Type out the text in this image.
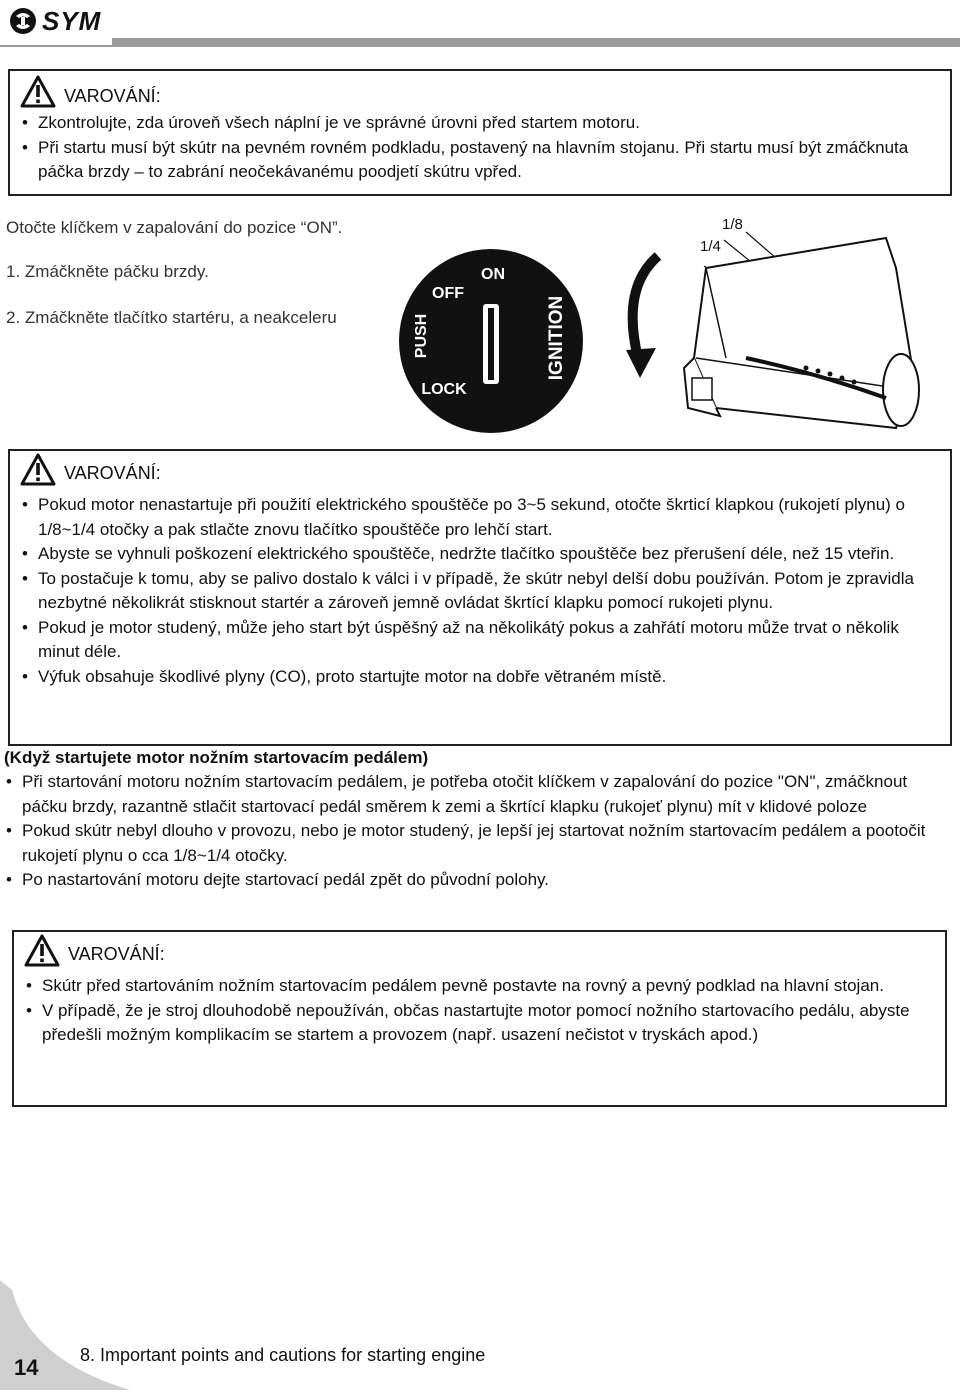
SYM
VAROVÁNÍ:
• Zkontrolujte, zda úroveň všech náplní je ve správné úrovni před startem motoru.
• Při startu musí být skútr na pevném rovném podkladu, postavený na hlavním stojanu. Při startu musí být zmáčknuta páčka brzdy – to zabrání neočekávanému poodjetí skútru vpřed.
Otočte klíčkem v zapalování do pozice “ON”.
1. Zmáčkněte páčku brzdy.
2. Zmáčkněte tlačítko startéru, a neakceleru
ON
OFF
PUSH
LOCK
IGNITION
1/8
1/4
VAROVÁNÍ:
• Pokud motor nenastartuje při použití elektrického spouštěče po 3~5 sekund, otočte škrticí klapkou (rukojetí plynu) o 1/8~1/4 otočky a pak stlačte znovu tlačítko spouštěče pro lehčí start.
• Abyste se vyhnuli poškození elektrického spouštěče, nedržte tlačítko spouštěče bez přerušení déle, než 15 vteřin.
• To postačuje k tomu, aby se palivo dostalo k válci i v případě, že skútr nebyl delší dobu používán. Potom je zpravidla nezbytné několikrát stisknout startér a zároveň jemně ovládat škrtící klapku pomocí rukojeti plynu.
• Pokud je motor studený, může jeho start být úspěšný až na několikátý pokus a zahřátí motoru může trvat o několik minut déle.
• Výfuk obsahuje škodlivé plyny (CO), proto startujte motor na dobře větraném místě.
(Když startujete motor nožním startovacím pedálem)
• Při startování motoru nožním startovacím pedálem, je potřeba otočit klíčkem v zapalování do pozice "ON", zmáčknout páčku brzdy, razantně stlačit startovací pedál směrem k zemi a škrtící klapku (rukojeť plynu) mít v klidové poloze
• Pokud skútr nebyl dlouho v provozu, nebo je motor studený, je lepší jej startovat nožním startovacím pedálem a pootočit rukojetí plynu o cca 1/8~1/4 otočky.
• Po nastartování motoru dejte startovací pedál zpět do původní polohy.
VAROVÁNÍ:
• Skútr před startováním nožním startovacím pedálem pevně postavte na rovný a pevný podklad na hlavní stojan.
• V případě, že je stroj dlouhodobě nepoužíván, občas nastartujte motor pomocí nožního startovacího pedálu, abyste předešli možným komplikacím se startem a provozem (např. usazení nečistot v tryskách apod.)
14 8. Important points and cautions for starting engine
